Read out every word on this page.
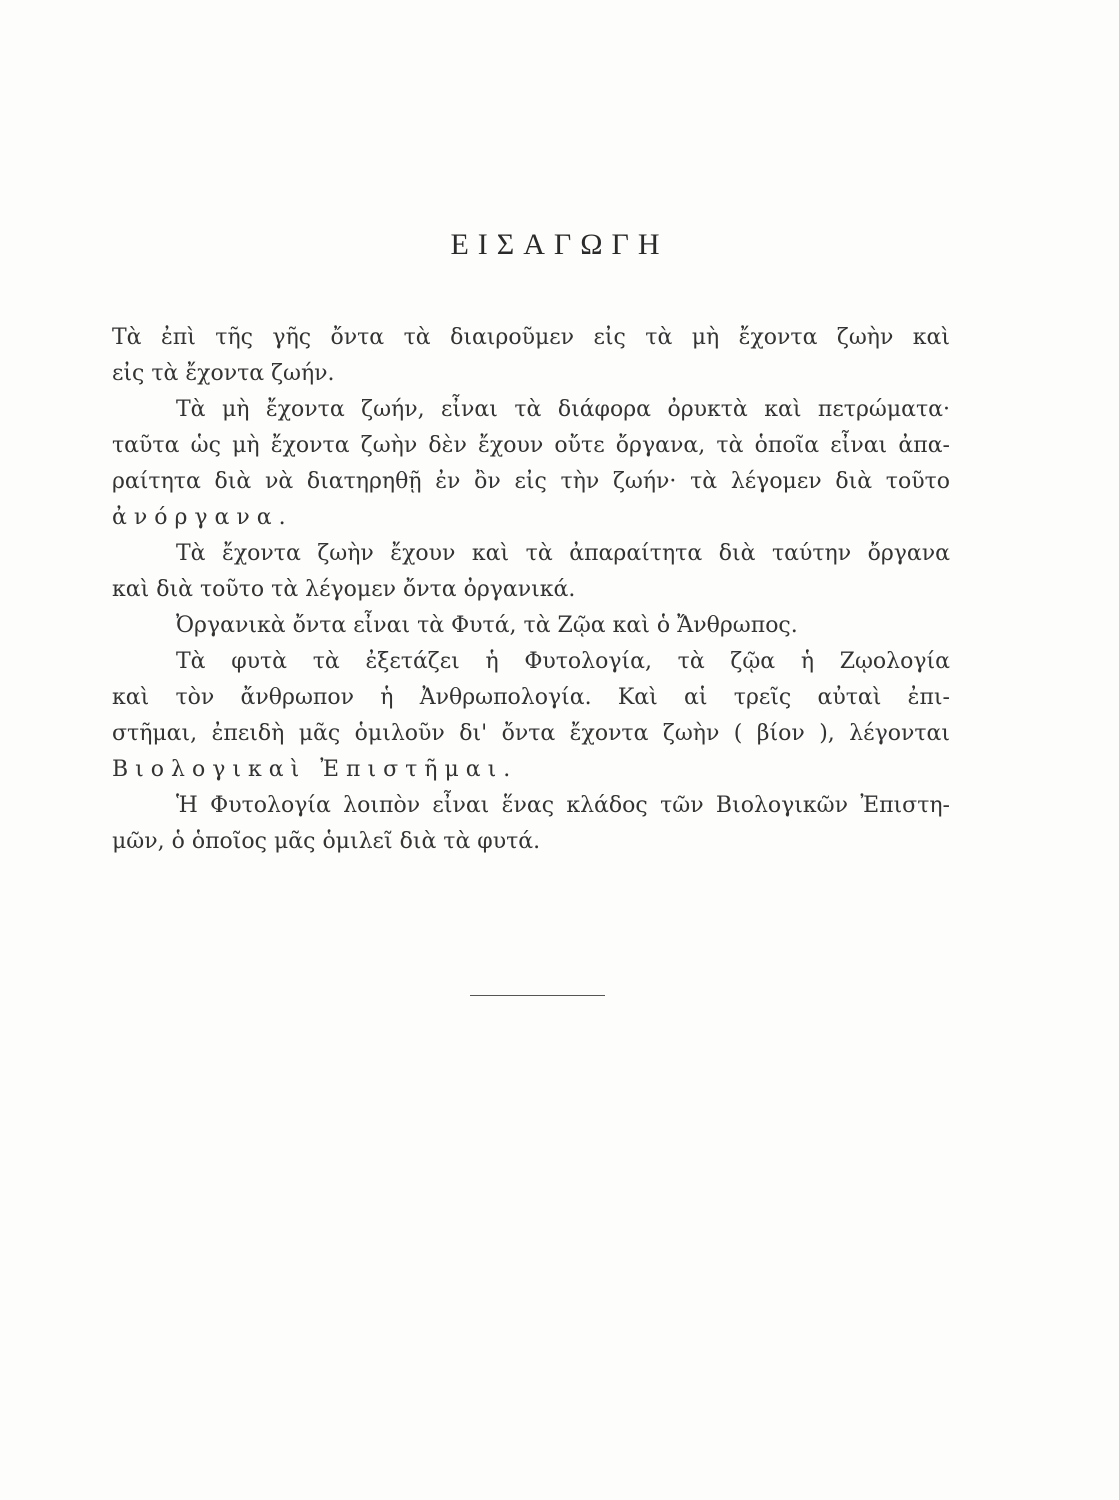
ΕΙΣΑΓΩΓΗ
Τὰ ἐπὶ τῆς γῆς ὄντα τὰ διαιροῦμεν εἰς τὰ μὴ ἔχοντα ζωὴν καὶ
εἰς τὰ ἔχοντα ζωήν.
Τὰ μὴ ἔχοντα ζωήν, εἶναι τὰ διάφορα ὀρυκτὰ καὶ πετρώματα·
ταῦτα ὡς μὴ ἔχοντα ζωὴν δὲν ἔχουν οὔτε ὄργανα, τὰ ὁποῖα εἶναι ἀπα-
ραίτητα διὰ νὰ διατηρηθῇ ἐν ὂν εἰς τὴν ζωήν· τὰ λέγομεν διὰ τοῦτο
ἀνόργανα.
Τὰ ἔχοντα ζωὴν ἔχουν καὶ τὰ ἀπαραίτητα διὰ ταύτην ὄργανα
καὶ διὰ τοῦτο τὰ λέγομεν ὄντα ὀργανικά.
Ὀργανικὰ ὄντα εἶναι τὰ Φυτά, τὰ Ζῷα καὶ ὁ Ἄνθρωπος.
Τὰ φυτὰ τὰ ἐξετάζει ἡ Φυτολογία, τὰ ζῷα ἡ Ζῳολογία
καὶ τὸν ἄνθρωπον ἡ Ἀνθρωπολογία. Καὶ αἱ τρεῖς αὐταὶ ἐπι-
στῆμαι, ἐπειδὴ μᾶς ὁμιλοῦν δι' ὄντα ἔχοντα ζωὴν ( βίον ), λέγονται
Βιολογικαὶ Ἐπιστῆμαι.
Ἡ Φυτολογία λοιπὸν εἶναι ἕνας κλάδος τῶν Βιολογικῶν Ἐπιστη-
μῶν, ὁ ὁποῖος μᾶς ὁμιλεῖ διὰ τὰ φυτά.
